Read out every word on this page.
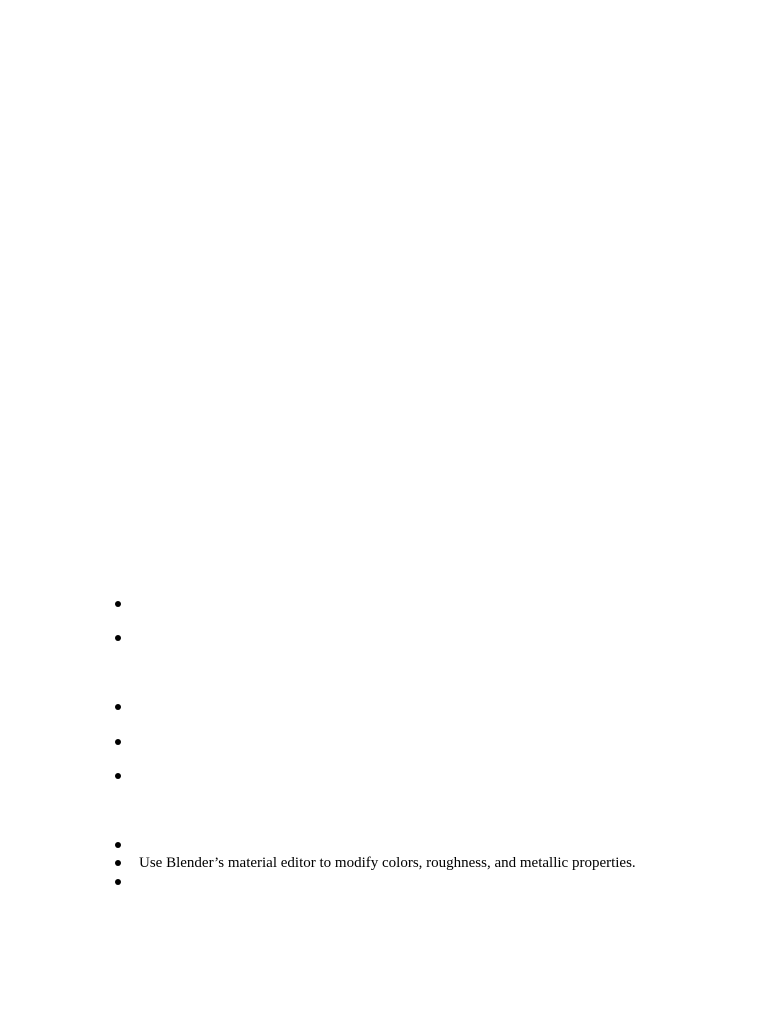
Use Blender’s material editor to modify colors, roughness, and metallic properties.
